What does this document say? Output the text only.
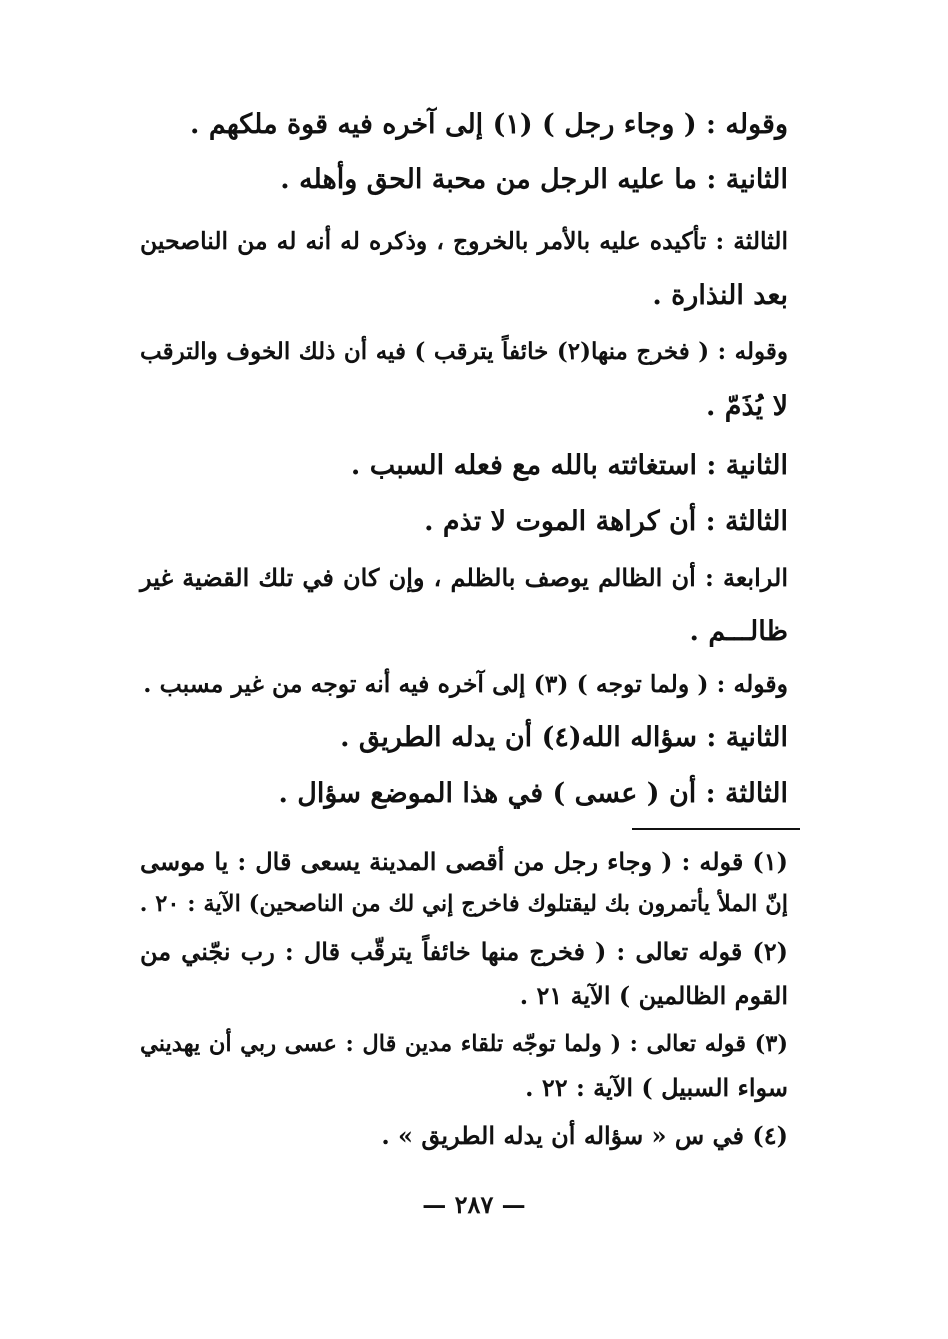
وقوله : ( وجاء رجل ) (١) إلى آخره فيه قوة ملكهم .
الثانية : ما عليه الرجل من محبة الحق وأهله .
الثالثة : تأكيده عليه بالأمر بالخروج ، وذكره له أنه له من الناصحين
بعد النذارة .
وقوله : ( فخرج منها(٢) خائفاً يترقب ) فيه أن ذلك الخوف والترقب
لا يُذَمّ .
الثانية : استغاثته بالله مع فعله السبب .
الثالثة : أن كراهة الموت لا تذم .
الرابعة : أن الظالم يوصف بالظلم ، وإن كان في تلك القضية غير
ظالـــم .
وقوله : ( ولما توجه ) (٣) إلى آخره فيه أنه توجه من غير مسبب .
الثانية : سؤاله الله(٤) أن يدله الطريق .
الثالثة : أن ( عسى ) في هذا الموضع سؤال .
(١) قوله : ( وجاء رجل من أقصى المدينة يسعى قال : يا موسى
إنّ الملأ يأتمرون بك ليقتلوك فاخرج إني لك من الناصحين) الآية : ٢٠ .
(٢) قوله تعالى : ( فخرج منها خائفاً يترقّب قال : رب نجّني من
القوم الظالمين ) الآية ٢١ .
(٣) قوله تعالى : ( ولما توجّه تلقاء مدين قال : عسى ربي أن يهديني
سواء السبيل ) الآية : ٢٢ .
(٤) في س « سؤاله أن يدله الطريق » .
— ٢٨٧ —
